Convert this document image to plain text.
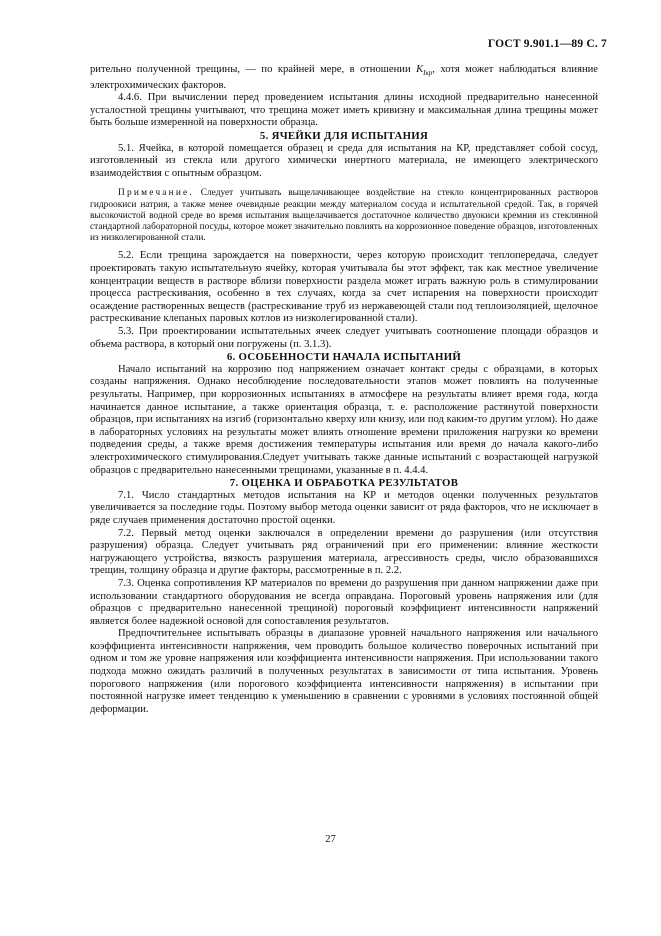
ГОСТ 9.901.1—89 С. 7

рительно полученной трещины, — по крайней мере, в отношении $K_{Iкр}$, хотя может наблюдаться влияние электрохимических факторов.

4.4.6. При вычислении перед проведением испытания длины исходной предварительно нанесенной усталостной трещины учитывают, что трещина может иметь кривизну и максимальная длина трещины может быть больше измеренной на поверхности образца.

5. ЯЧЕЙКИ ДЛЯ ИСПЫТАНИЯ

5.1. Ячейка, в которой помещается образец и среда для испытания на КР, представляет собой сосуд, изготовленный из стекла или другого химически инертного материала, не имеющего электрического взаимодействия с опытным образцом.

Примечание. Следует учитывать выщелачивающее воздействие на стекло концентрированных растворов гидроокиси натрия, а также менее очевидные реакции между материалом сосуда и испытательной средой. Так, в горячей высокочистой водной среде во время испытания выщелачивается достаточное количество двуокиси кремния из стеклянной стандартной лабораторной посуды, которое может значительно повлиять на коррозионное поведение образцов, изготовленных из низколегированной стали.

5.2. Если трещина зарождается на поверхности, через которую происходит теплопередача, следует проектировать такую испытательную ячейку, которая учитывала бы этот эффект, так как местное увеличение концентрации веществ в растворе вблизи поверхности раздела может играть важную роль в стимулировании процесса растрескивания, особенно в тех случаях, когда за счет испарения на поверхности происходит осаждение растворенных веществ (растрескивание труб из нержавеющей стали под теплоизоляцией, щелочное растрескивание клепаных паровых котлов из низколегированной стали).

5.3. При проектировании испытательных ячеек следует учитывать соотношение площади образцов и объема раствора, в который они погружены (п. 3.1.3).

6. ОСОБЕННОСТИ НАЧАЛА ИСПЫТАНИЙ

Начало испытаний на коррозию под напряжением означает контакт среды с образцами, в которых созданы напряжения. Однако несоблюдение последовательности этапов может повлиять на полученные результаты. Например, при коррозионных испытаниях в атмосфере на результаты влияет время года, когда начинается данное испытание, а также ориентация образца, т. е. расположение растянутой поверхности образцов, при испытаниях на изгиб (горизонтально кверху или книзу, или под каким-то другим углом). Но даже в лабораторных условиях на результаты может влиять отношение времени приложения нагрузки ко времени подведения среды, а также время достижения температуры испытания или время до начала какого-либо электрохимического стимулирования.Следует учитывать также данные испытаний с возрастающей нагрузкой образцов с предварительно нанесенными трещинами, указанные в п. 4.4.4.

7. ОЦЕНКА И ОБРАБОТКА РЕЗУЛЬТАТОВ

7.1. Число стандартных методов испытания на КР и методов оценки полученных результатов увеличивается за последние годы. Поэтому выбор метода оценки зависит от ряда факторов, что не исключает в ряде случаев применения достаточно простой оценки.

7.2. Первый метод оценки заключался в определении времени до разрушения (или отсутствия разрушения) образца. Следует учитывать ряд ограничений при его применении: влияние жесткости нагружающего устройства, вязкость разрушения материала, агрессивность среды, число образовавшихся трещин, толщину образца и другие факторы, рассмотренные в п. 2.2.

7.3. Оценка сопротивления КР материалов по времени до разрушения при данном напряжении даже при использовании стандартного оборудования не всегда оправдана. Пороговый уровень напряжения или (для образцов с предварительно нанесенной трещиной) пороговый коэффициент интенсивности напряжений является более надежной основой для сопоставления результатов.

Предпочтительнее испытывать образцы в диапазоне уровней начального напряжения или начального коэффициента интенсивности напряжения, чем проводить большое количество поверочных испытаний при одном и том же уровне напряжения или коэффициента интенсивности напряжения. При использовании такого подхода можно ожидать различий в полученных результатах в зависимости от типа испытания. Уровень порогового напряжения (или порогового коэффициента интенсивности напряжения) в испытании при постоянной нагрузке имеет тенденцию к уменьшению в сравнении с уровнями в условиях постоянной общей деформации.

27
